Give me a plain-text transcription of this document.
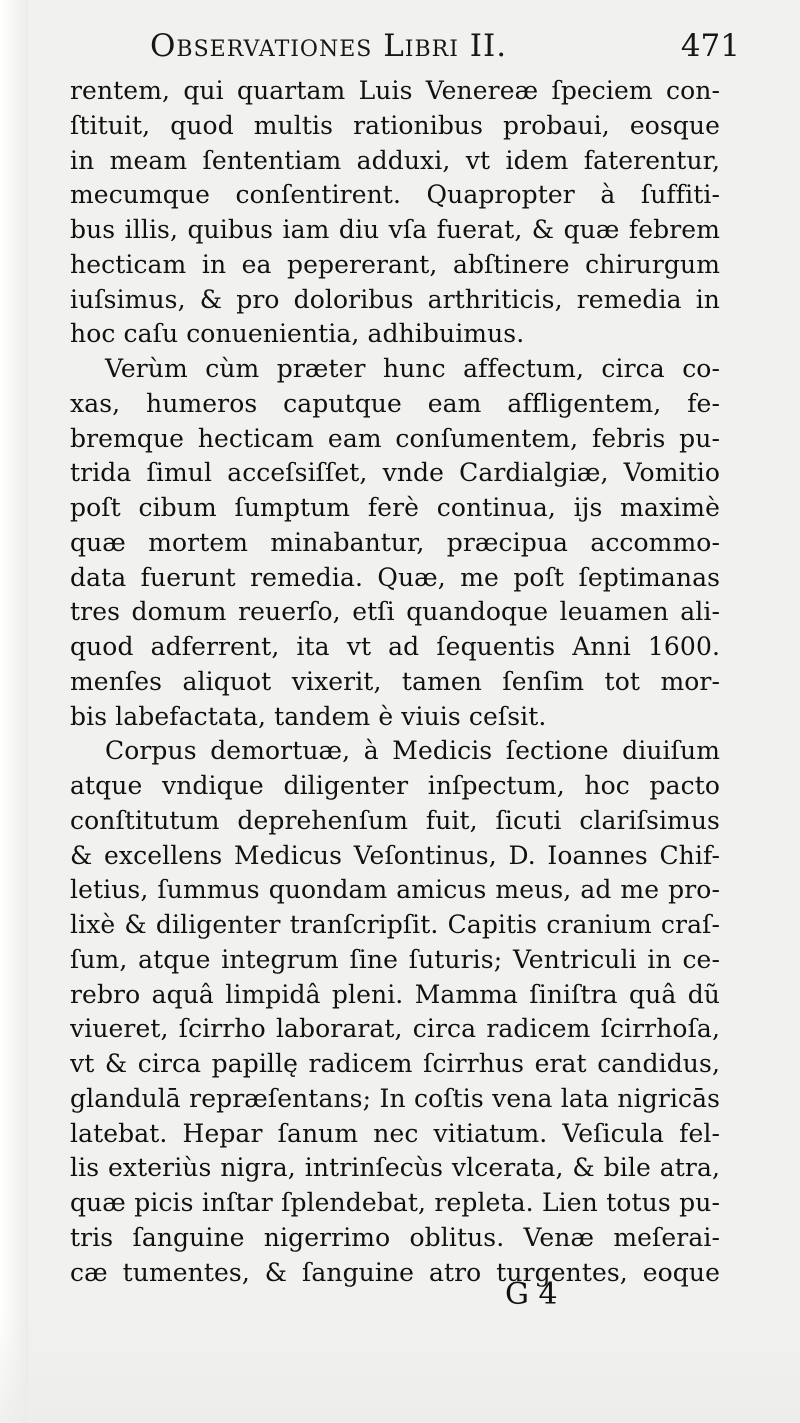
Observationes Libri II.	471
rentem, qui quartam Luis Venereæ ſpeciem con-
ſtituit, quod multis rationibus probaui, eosque
in meam ſententiam adduxi, vt idem faterentur,
mecumque conſentirent. Quapropter à ſuffiti-
bus illis, quibus iam diu vſa fuerat, & quæ febrem
hecticam in ea pepererant, abſtinere chirurgum
iuſsimus, & pro doloribus arthriticis, remedia in
hoc caſu conuenientia, adhibuimus.
Verùm cùm præter hunc affectum, circa co-
xas, humeros caputque eam affligentem, fe-
bremque hecticam eam conſumentem, febris pu-
trida ſimul acceſsiſſet, vnde Cardialgiæ, Vomitio
poſt cibum ſumptum ferè continua, ijs maximè
quæ mortem minabantur, præcipua accommo-
data fuerunt remedia. Quæ, me poſt ſeptimanas
tres domum reuerſo, etſi quandoque leuamen ali-
quod adferrent, ita vt ad ſequentis Anni 1600.
menſes aliquot vixerit, tamen ſenſim tot mor-
bis labefactata, tandem è viuis ceſsit.
Corpus demortuæ, à Medicis ſectione diuiſum
atque vndique diligenter inſpectum, hoc pacto
conſtitutum deprehenſum fuit, ſicuti clariſsimus
& excellens Medicus Veſontinus, D. Ioannes Chif-
letius, ſummus quondam amicus meus, ad me pro-
lixè & diligenter tranſcripſit. Capitis cranium craſ-
ſum, atque integrum ſine ſuturis; Ventriculi in ce-
rebro aquâ limpidâ pleni. Mamma ſiniſtra quâ dũ
viueret, ſcirrho laborarat, circa radicem ſcirrhoſa,
vt & circa papillę radicem ſcirrhus erat candidus,
glandulā repræſentans; In coſtis vena lata nigricās
latebat. Hepar ſanum nec vitiatum. Veſicula fel-
lis exteriùs nigra, intrinſecùs vlcerata, & bile atra,
quæ picis inſtar ſplendebat, repleta. Lien totus pu-
tris ſanguine nigerrimo oblitus. Venæ meſerai-
cæ tumentes, & ſanguine atro turgentes, eoque
G 4
